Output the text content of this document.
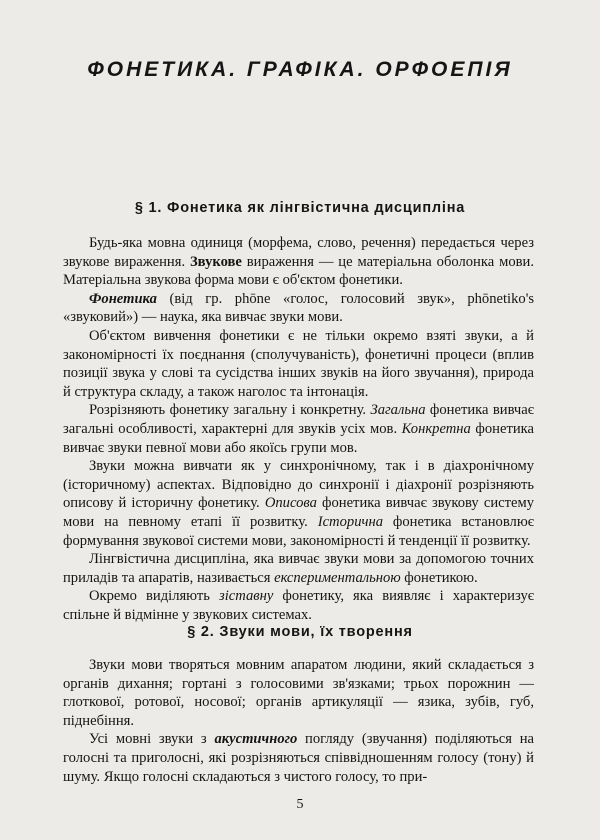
ФОНЕТИКА. ГРАФІКА. ОРФОЕПІЯ
§ 1. Фонетика як лінгвістична дисципліна

Будь-яка мовна одиниця (морфема, слово, речення) передається через звукове вираження. Звукове вираження — це матеріальна оболонка мови. Матеріальна звукова форма мови є об'єктом фонетики.

Фонетика (від гр. phōne «голос, голосовий звук», phōnetiko's «звуковий») — наука, яка вивчає звуки мови.

Об'єктом вивчення фонетики є не тільки окремо взяті звуки, а й закономірності їх поєднання (сполучуваність), фонетичні процеси (вплив позиції звука у слові та сусідства інших звуків на його звучання), природа й структура складу, а також наголос та інтонація.

Розрізняють фонетику загальну і конкретну. Загальна фонетика вивчає загальні особливості, характерні для звуків усіх мов. Конкретна фонетика вивчає звуки певної мови або якоїсь групи мов.

Звуки можна вивчати як у синхронічному, так і в діахронічному (історичному) аспектах. Відповідно до синхронії і діахронії розрізняють описову й історичну фонетику. Описова фонетика вивчає звукову систему мови на певному етапі її розвитку. Історична фонетика встановлює формування звукової системи мови, закономірності й тенденції її розвитку.

Лінгвістична дисципліна, яка вивчає звуки мови за допомогою точних приладів та апаратів, називається експериментальною фонетикою.

Окремо виділяють зіставну фонетику, яка виявляє і характеризує спільне й відмінне у звукових системах.

§ 2. Звуки мови, їх творення

Звуки мови творяться мовним апаратом людини, який складається з органів дихання; гортані з голосовими зв'язками; трьох порожнин — глоткової, ротової, носової; органів артикуляції — язика, зубів, губ, піднебіння.

Усі мовні звуки з акустичного погляду (звучання) поділяються на голосні та приголосні, які розрізняються співвідношенням голосу (тону) й шуму. Якщо голосні складаються з чистого голосу, то при-

5
